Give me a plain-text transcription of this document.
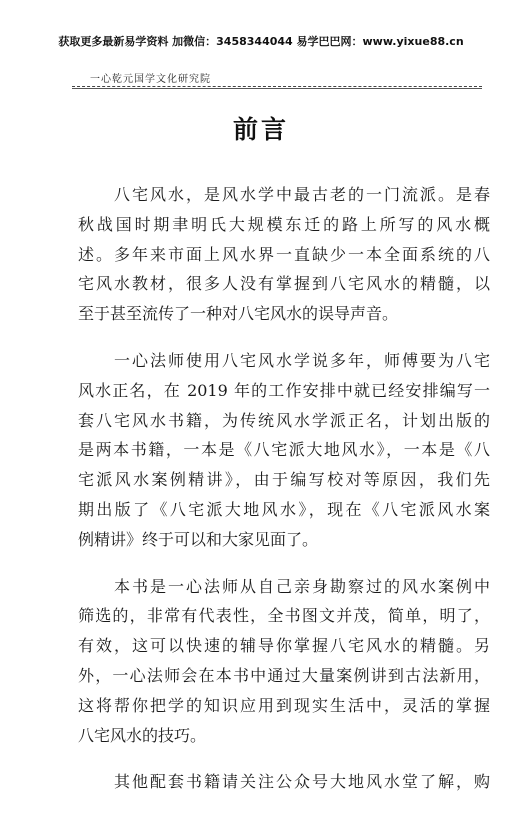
获取更多最新易学资料 加微信：3458344044 易学巴巴网：www.yixue88.cn
一心乾元国学文化研究院
前言

　　八宅风水，是风水学中最古老的一门流派。是春
秋战国时期聿明氏大规模东迁的路上所写的风水概
述。多年来市面上风水界一直缺少一本全面系统的八
宅风水教材，很多人没有掌握到八宅风水的精髓，以
至于甚至流传了一种对八宅风水的误导声音。

　　一心法师使用八宅风水学说多年，师傅要为八宅
风水正名，在 2019 年的工作安排中就已经安排编写一
套八宅风水书籍，为传统风水学派正名，计划出版的
是两本书籍，一本是《八宅派大地风水》，一本是《八
宅派风水案例精讲》，由于编写校对等原因，我们先
期出版了《八宅派大地风水》，现在《八宅派风水案
例精讲》终于可以和大家见面了。

　　本书是一心法师从自己亲身勘察过的风水案例中
筛选的，非常有代表性，全书图文并茂，简单，明了，
有效，这可以快速的辅导你掌握八宅风水的精髓。另
外，一心法师会在本书中通过大量案例讲到古法新用，
这将帮你把学的知识应用到现实生活中，灵活的掌握
八宅风水的技巧。

　　其他配套书籍请关注公众号大地风水堂了解，购
